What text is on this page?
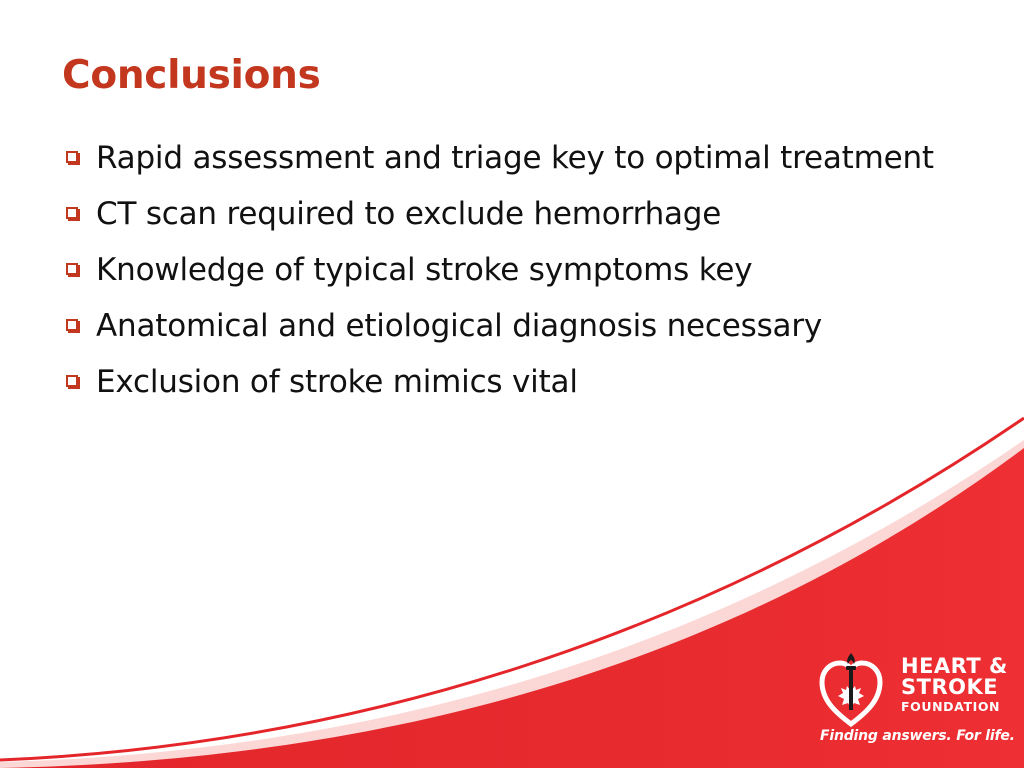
Conclusions
Rapid assessment and triage key to optimal treatment
CT scan required to exclude hemorrhage
Knowledge of typical stroke symptoms key
Anatomical and etiological diagnosis necessary
Exclusion of stroke mimics vital
HEART &
STROKE
FOUNDATION
Finding answers. For life.
